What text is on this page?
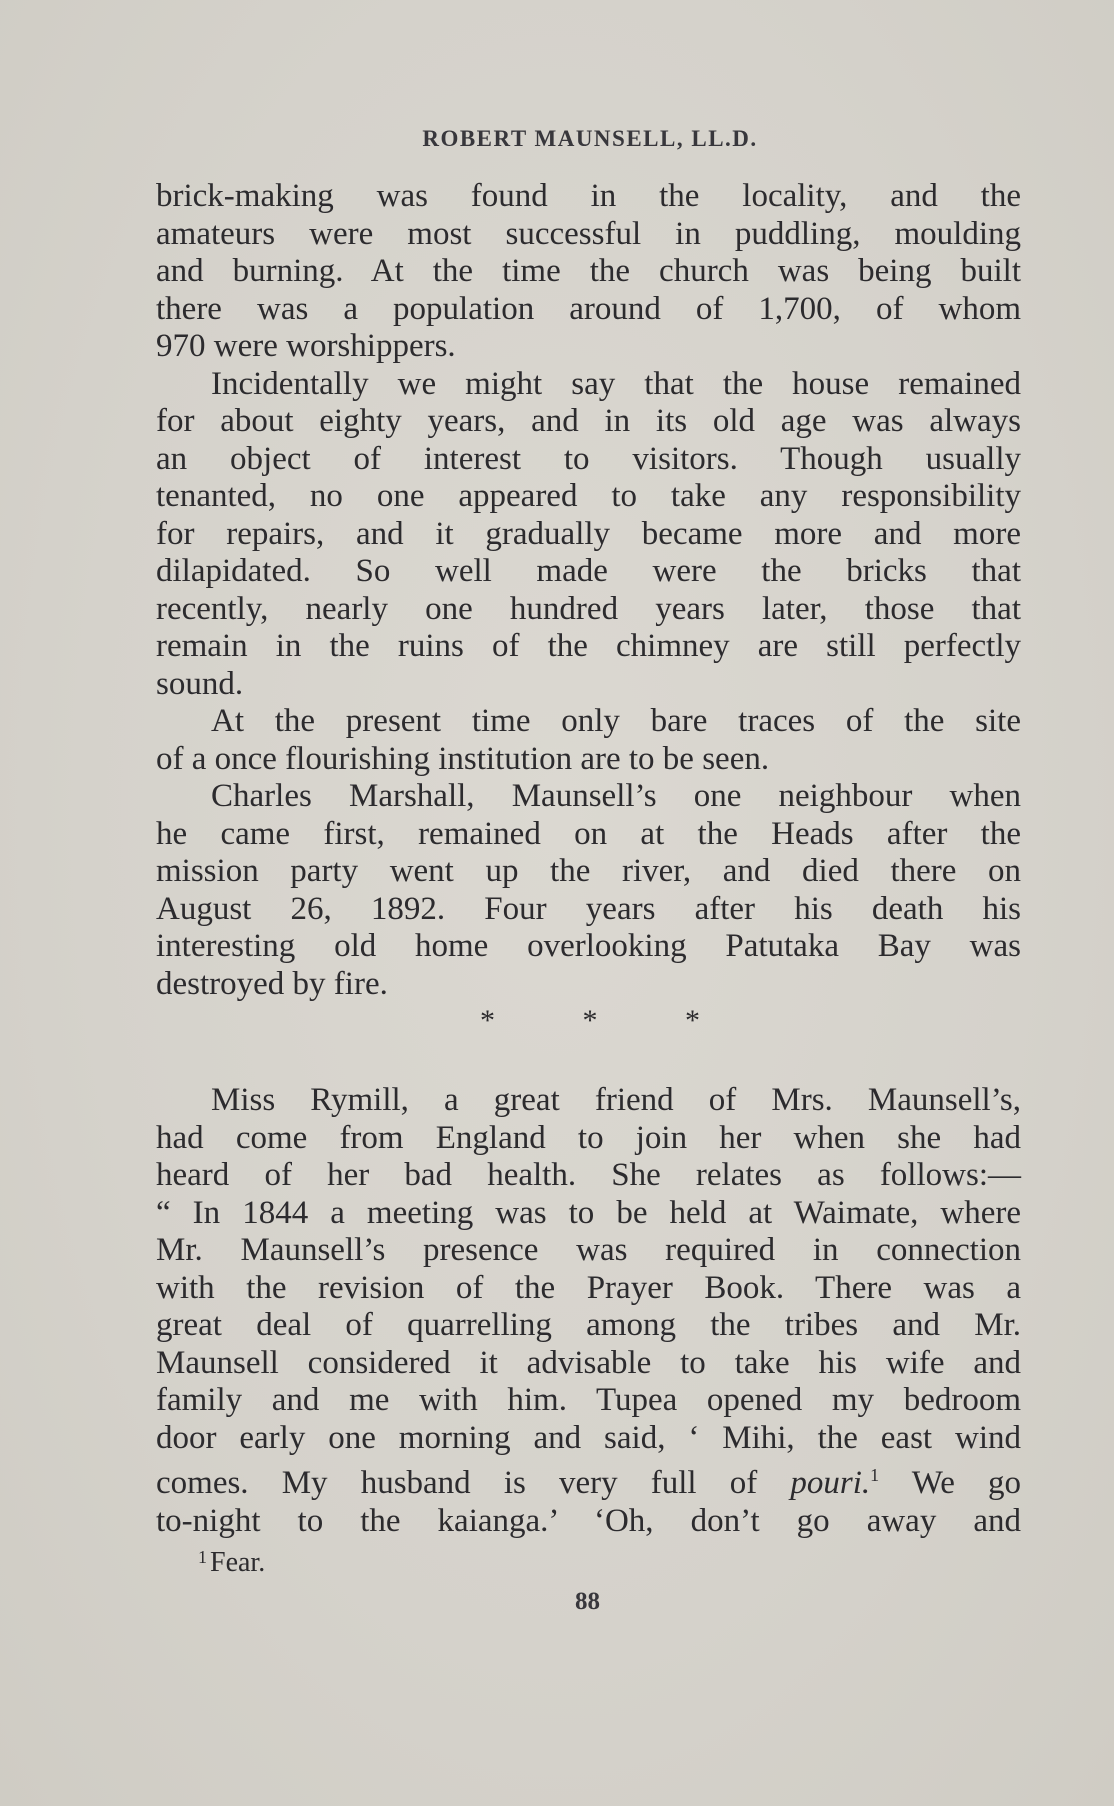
ROBERT MAUNSELL, LL.D.
brick-making was found in the locality, and the
amateurs were most successful in puddling, moulding
and burning. At the time the church was being built
there was a population around of 1,700, of whom
970 were worshippers.
Incidentally we might say that the house remained
for about eighty years, and in its old age was always
an object of interest to visitors. Though usually
tenanted, no one appeared to take any responsibility
for repairs, and it gradually became more and more
dilapidated. So well made were the bricks that
recently, nearly one hundred years later, those that
remain in the ruins of the chimney are still perfectly
sound.
At the present time only bare traces of the site
of a once flourishing institution are to be seen.
Charles Marshall, Maunsell’s one neighbour when
he came first, remained on at the Heads after the
mission party went up the river, and died there on
August 26, 1892. Four years after his death his
interesting old home overlooking Patutaka Bay was
destroyed by fire.
*	*	*
Miss Rymill, a great friend of Mrs. Maunsell’s,
had come from England to join her when she had
heard of her bad health. She relates as follows:—
“ In 1844 a meeting was to be held at Waimate, where
Mr. Maunsell’s presence was required in connection
with the revision of the Prayer Book. There was a
great deal of quarrelling among the tribes and Mr.
Maunsell considered it advisable to take his wife and
family and me with him. Tupea opened my bedroom
door early one morning and said, ‘ Mihi, the east wind
comes. My husband is very full of pouri.$^1$ We go
to-night to the kaianga.’ ‘Oh, don’t go away and
$^1$ Fear.
88
